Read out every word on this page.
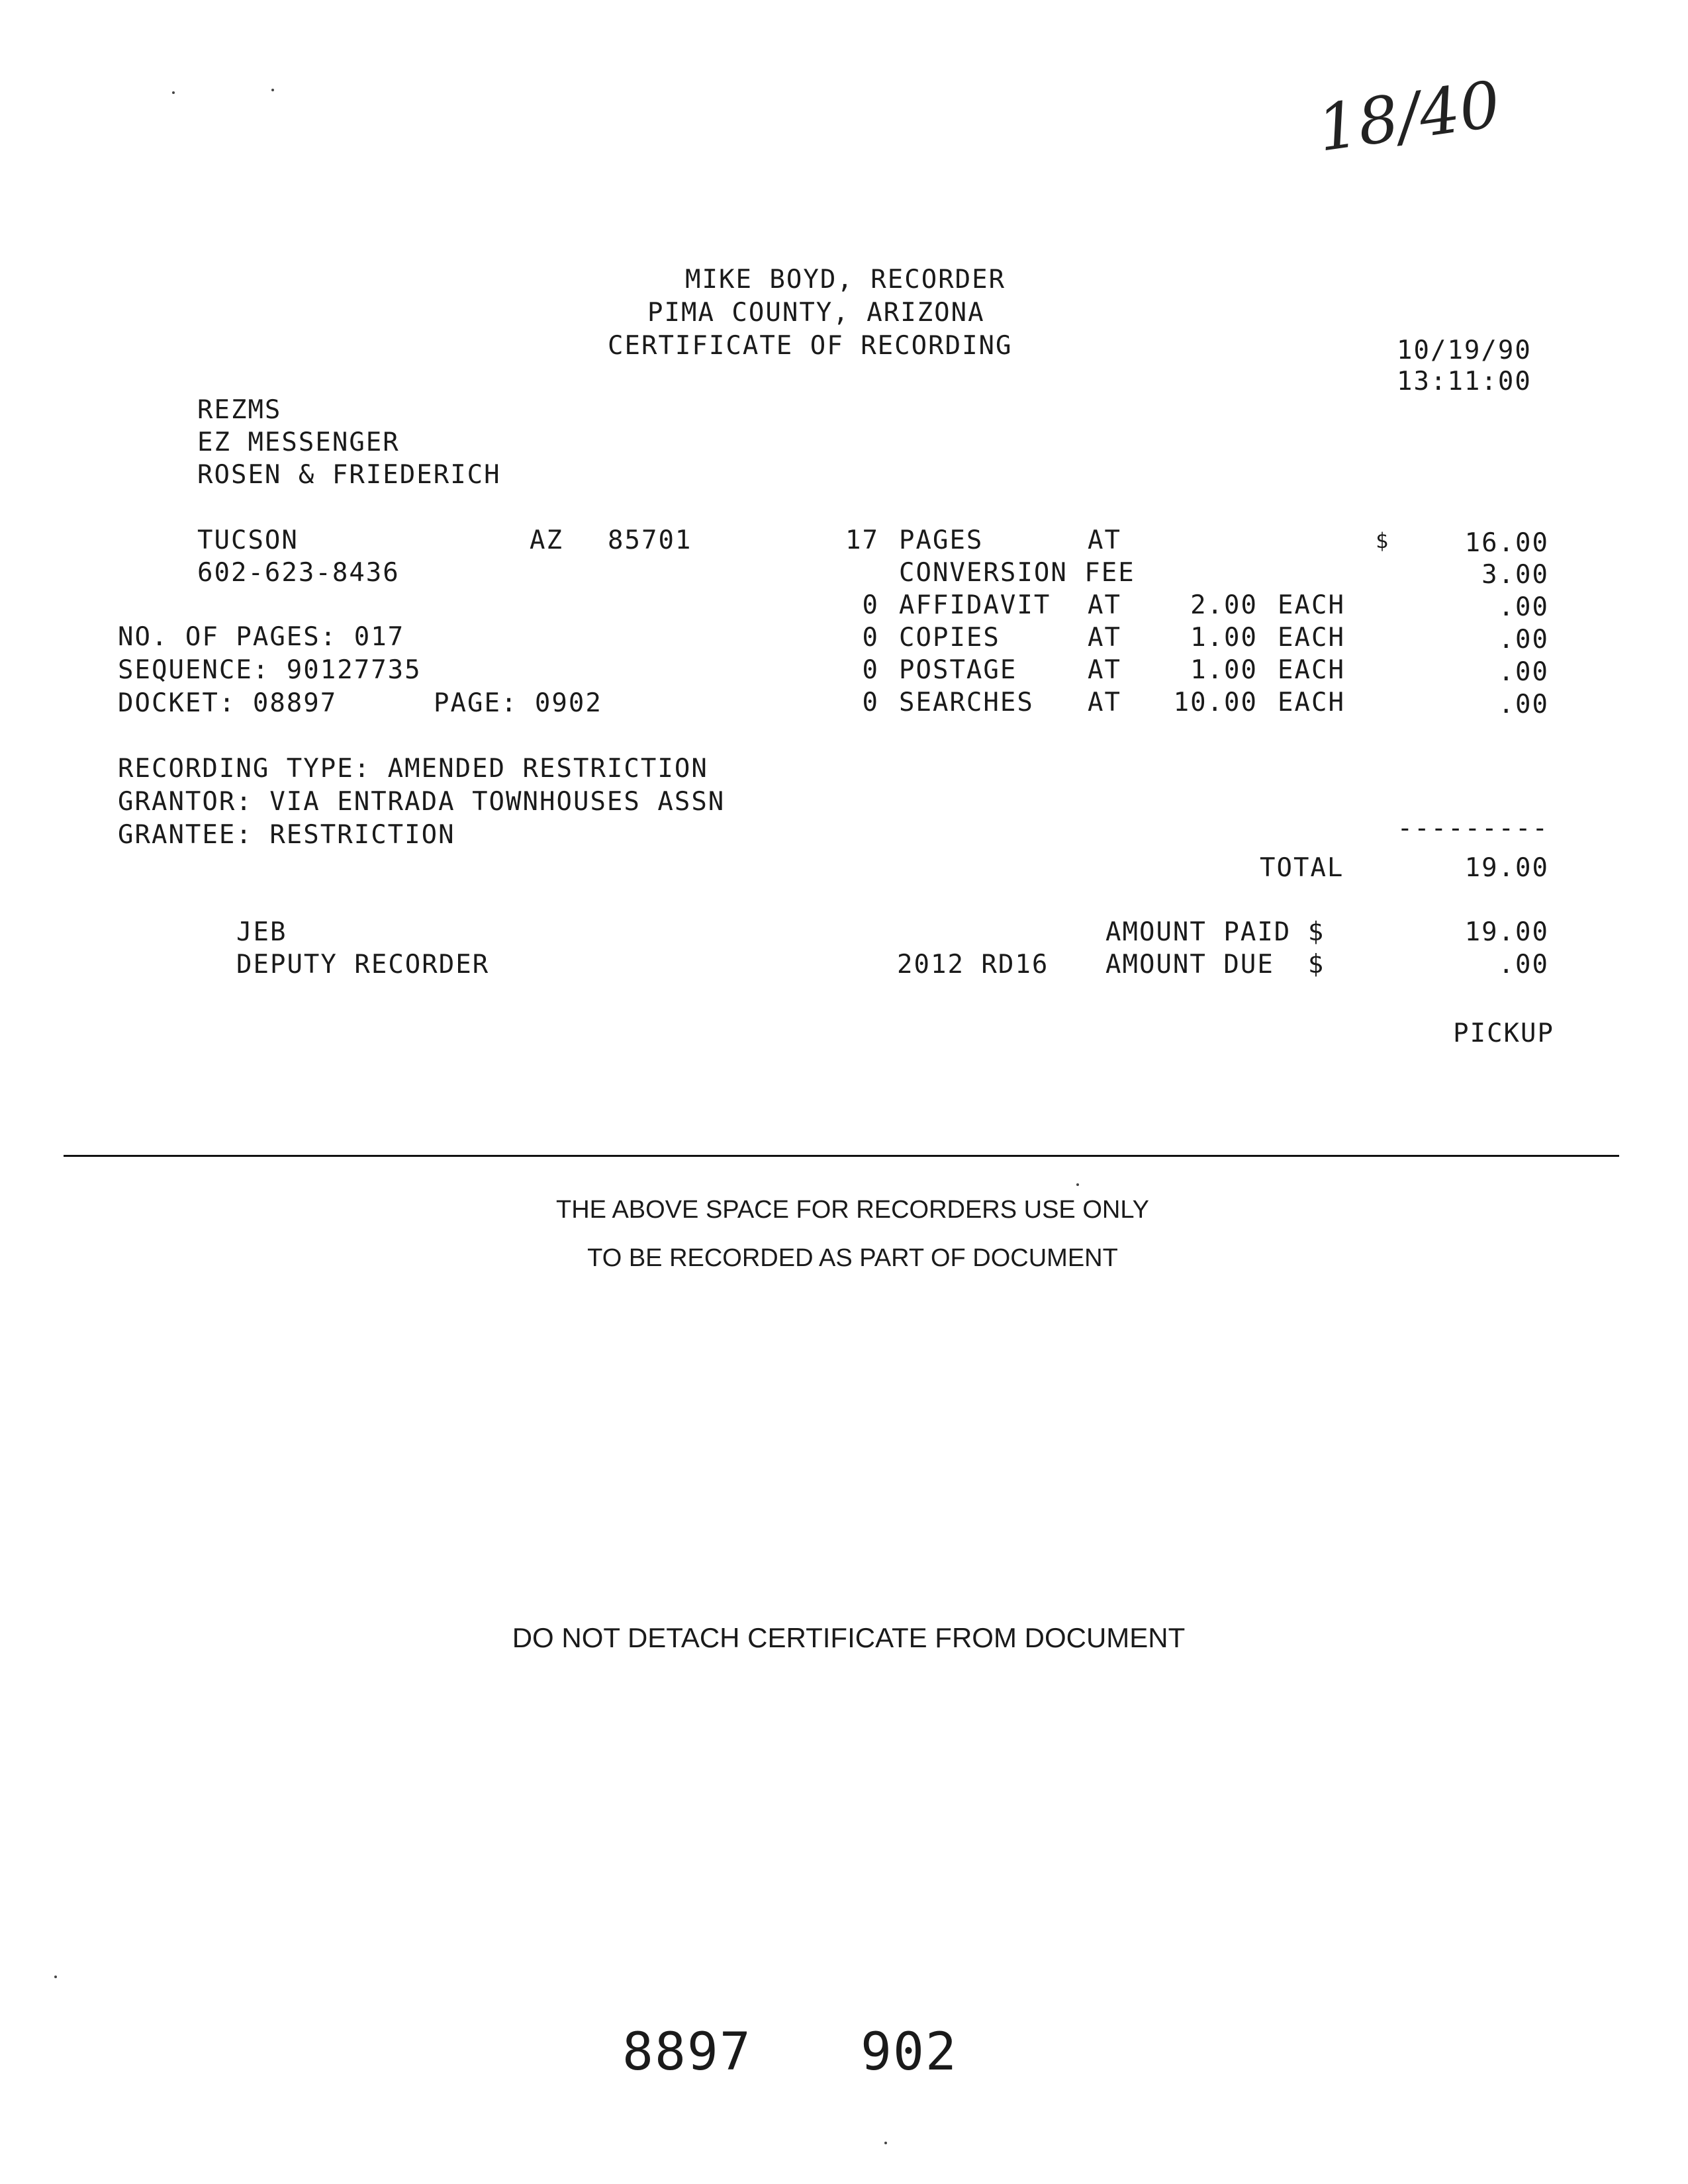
18/40
MIKE BOYD, RECORDER
PIMA COUNTY, ARIZONA
CERTIFICATE OF RECORDING	10/19/90
13:11:00
REZMS
EZ MESSENGER
ROSEN & FRIEDERICH
TUCSON	AZ 85701
602-623-8436
NO. OF PAGES: 017
SEQUENCE: 90127735
DOCKET: 08897	PAGE: 0902
17 PAGES	AT	$	16.00
CONVERSION FEE	3.00
0 AFFIDAVIT AT	2.00 EACH	.00
0 COPIES	AT	1.00 EACH	.00
0 POSTAGE	AT	1.00 EACH	.00
0 SEARCHES AT	10.00 EACH	.00
RECORDING TYPE: AMENDED RESTRICTION
GRANTOR: VIA ENTRADA TOWNHOUSES ASSN
GRANTEE: RESTRICTION	---------
TOTAL	19.00
JEB
DEPUTY RECORDER	2012 RD16
AMOUNT PAID $	19.00
AMOUNT DUE  $	.00
PICKUP
THE ABOVE SPACE FOR RECORDERS USE ONLY
TO BE RECORDED AS PART OF DOCUMENT
DO NOT DETACH CERTIFICATE FROM DOCUMENT
8897 902
